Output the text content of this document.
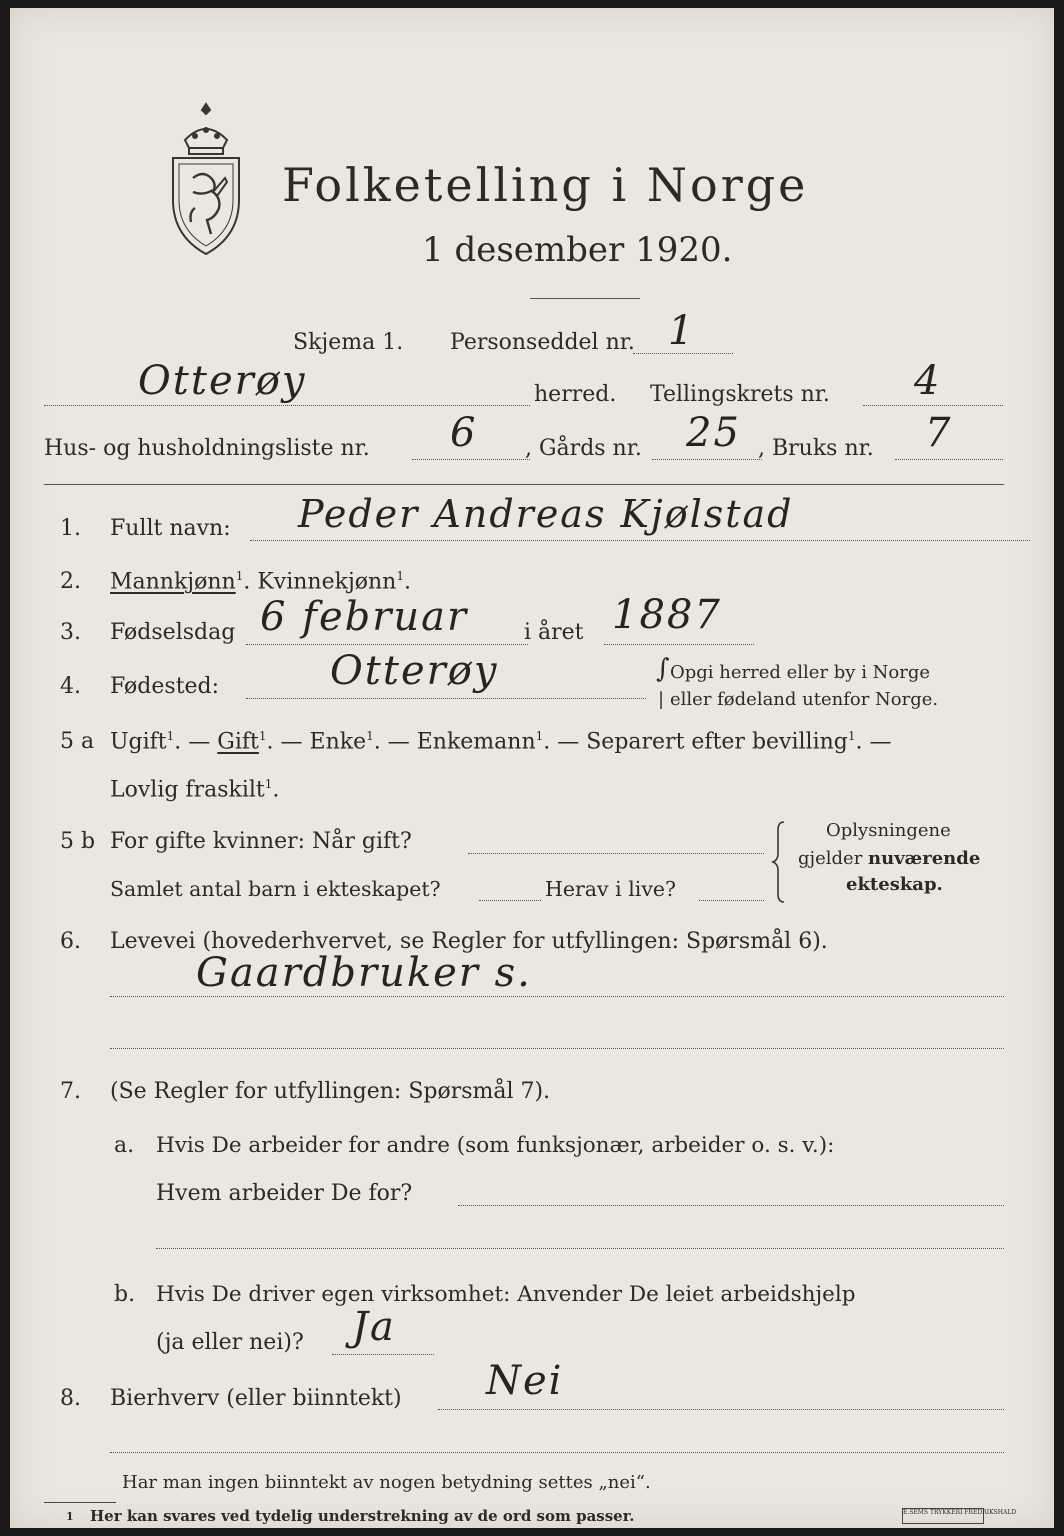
Folketelling i Norge
1 desember 1920.
Skjema 1. Personseddel nr. 1
Otterøy	herred. Tellingskrets nr. 4
Hus- og husholdningsliste nr. 6 , Gårds nr. 25 , Bruks nr. 7
1. Fullt navn: Peder Andreas Kjølstad
2. Mannkjønn$^1$. Kvinnekjønn$^1$.
3. Fødselsdag 6 februar	i året 1887
4. Fødested:	Otterøy	∫ Opgi herred eller by i Norge
| eller fødeland utenfor Norge.
5 a Ugift$^1$. — Gift$^1$. — Enke$^1$. — Enkemann$^1$. — Separert efter bevilling$^1$. —
Lovlig fraskilt$^1$.
5 b For gifte kvinner: Når gift?
Samlet antal barn i ekteskapet?	Herav i live?
Oplysningene
gjelder nuværende
ekteskap.
6. Levevei (hovederhvervet, se Regler for utfyllingen: Spørsmål 6).
Gaardbruker s.
7. (Se Regler for utfyllingen: Spørsmål 7).
a. Hvis De arbeider for andre (som funksjonær, arbeider o. s. v.):
Hvem arbeider De for?
b. Hvis De driver egen virksomhet: Anvender De leiet arbeidshjelp
(ja eller nei)? Ja
8. Bierhverv (eller biinntekt) Nei
Har man ingen biinntekt av nogen betydning settes „nei“.
1 Her kan svares ved tydelig understrekning av de ord som passer.	E.SEMS TRYKKERI FREDRIKSHALD
